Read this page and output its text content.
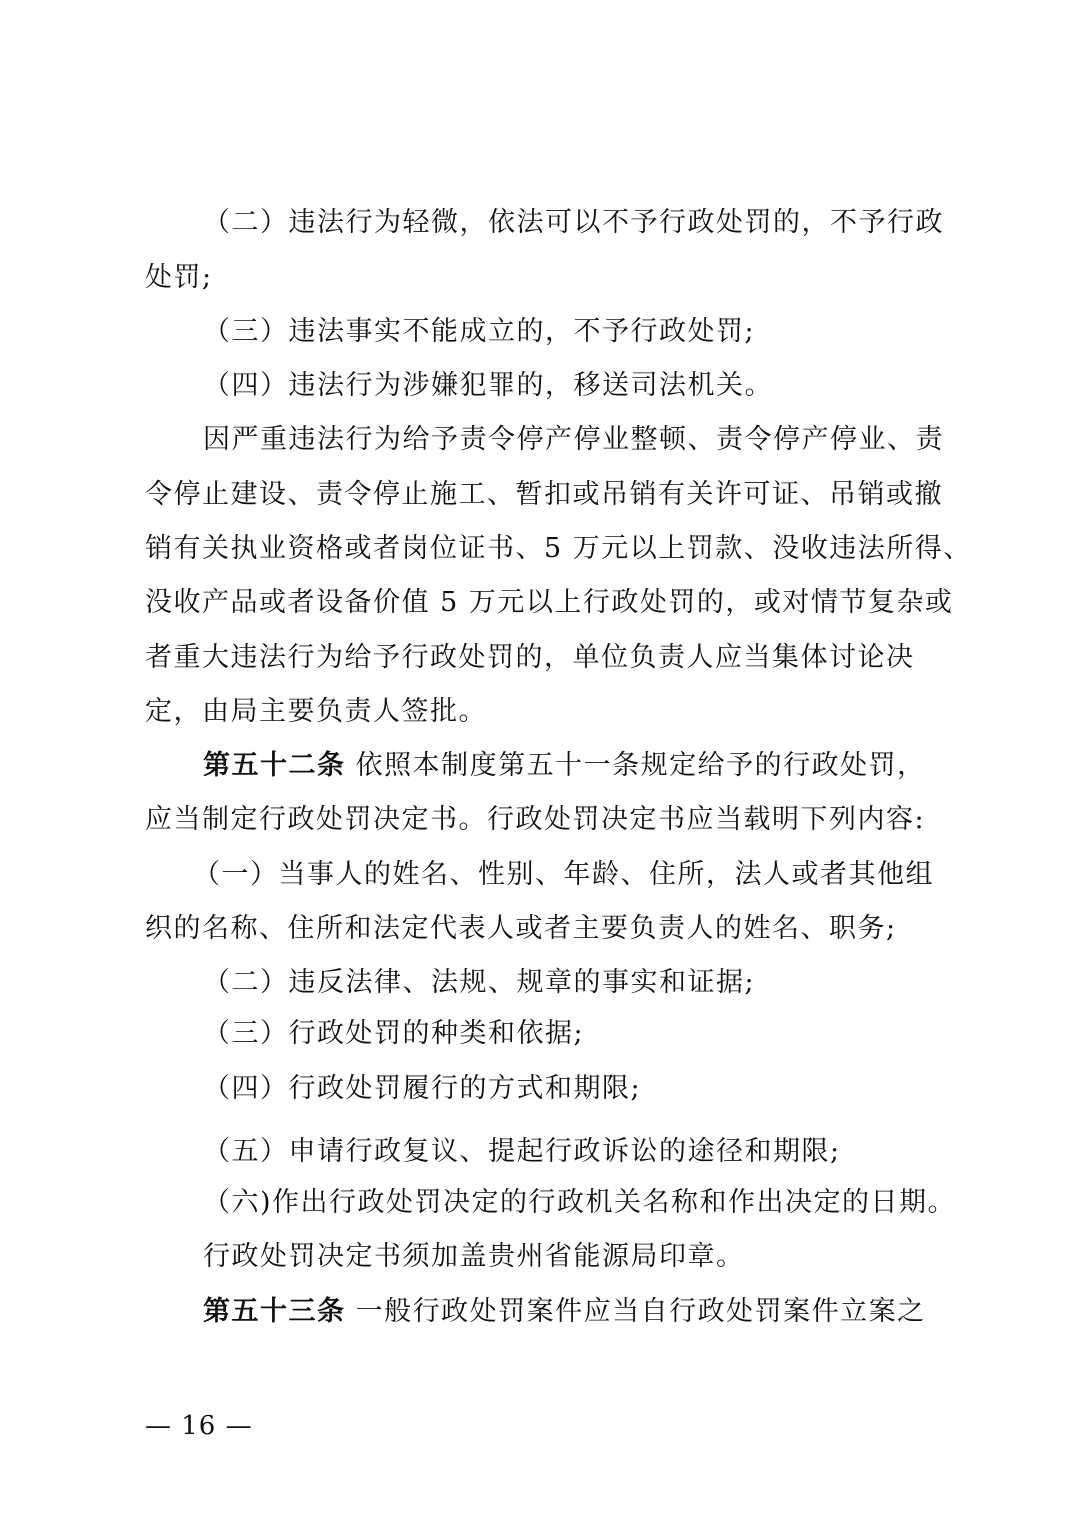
（二）违法行为轻微，依法可以不予行政处罚的，不予行政
处罚;
（三）违法事实不能成立的，不予行政处罚;
（四）违法行为涉嫌犯罪的，移送司法机关。
因严重违法行为给予责令停产停业整顿、责令停产停业、责
令停止建设、责令停止施工、暂扣或吊销有关许可证、吊销或撤
销有关执业资格或者岗位证书、5 万元以上罚款、没收违法所得、
没收产品或者设备价值 5 万元以上行政处罚的，或对情节复杂或
者重大违法行为给予行政处罚的，单位负责人应当集体讨论决
定，由局主要负责人签批。
第五十二条 依照本制度第五十一条规定给予的行政处罚，
应当制定行政处罚决定书。行政处罚决定书应当载明下列内容:
（一）当事人的姓名、性别、年龄、住所，法人或者其他组
织的名称、住所和法定代表人或者主要负责人的姓名、职务;
（二）违反法律、法规、规章的事实和证据;
（三）行政处罚的种类和依据;
（四）行政处罚履行的方式和期限;
（五）申请行政复议、提起行政诉讼的途径和期限;
（六)作出行政处罚决定的行政机关名称和作出决定的日期。
行政处罚决定书须加盖贵州省能源局印章。
第五十三条 一般行政处罚案件应当自行政处罚案件立案之
— 16 —
